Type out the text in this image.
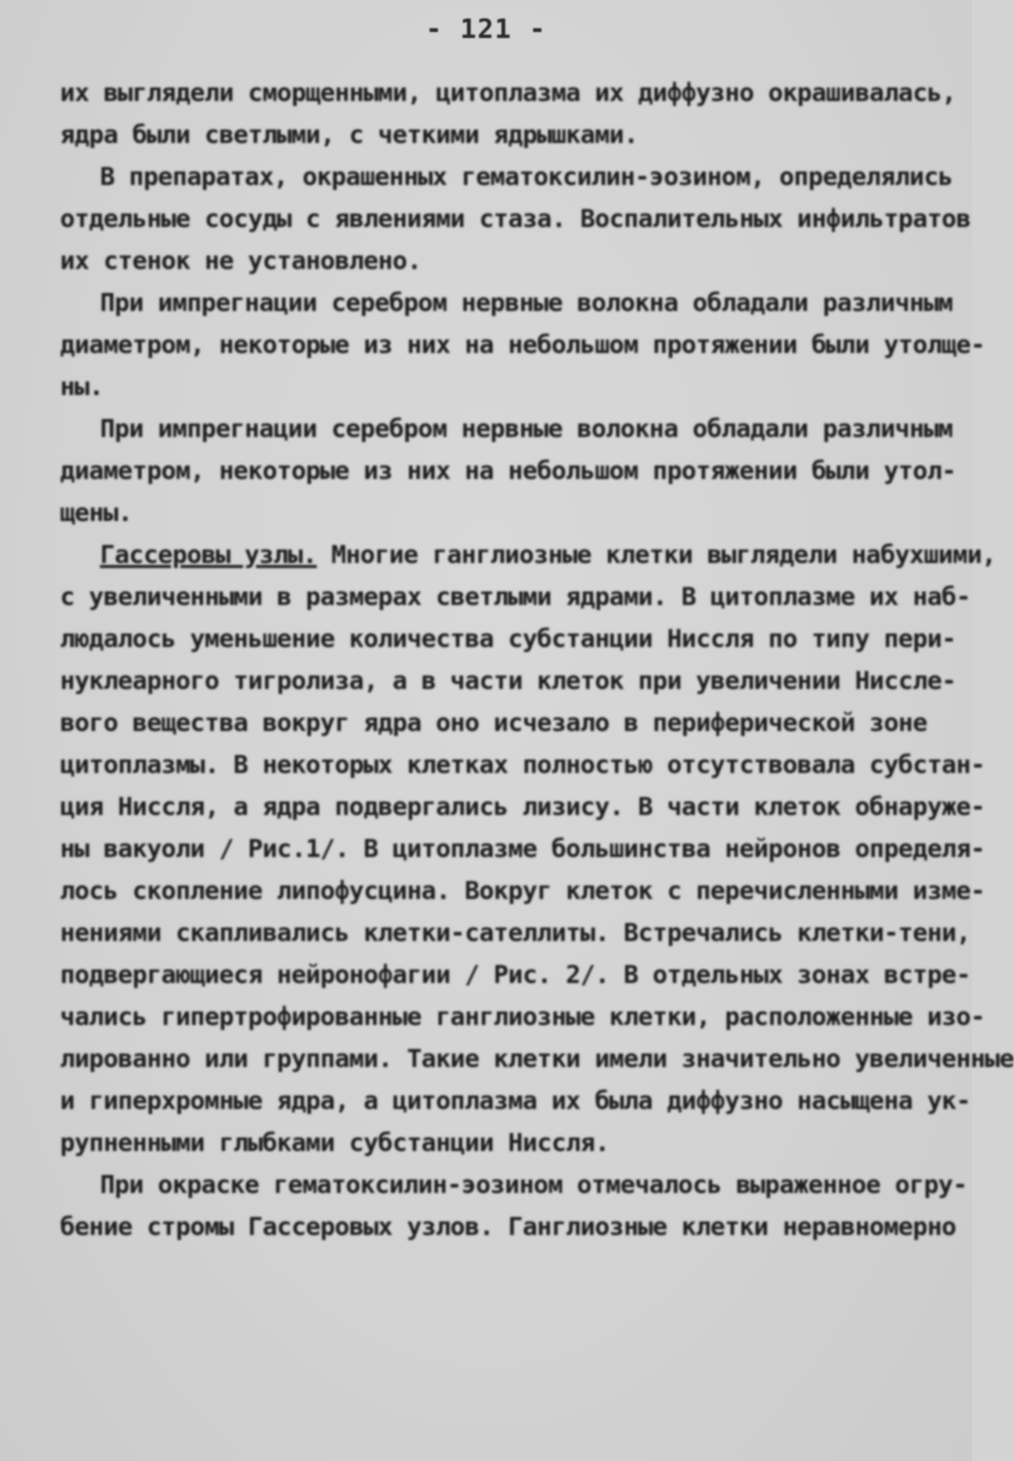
- 121 -
их выглядели сморщенными, цитоплазма их диффузно окрашивалась,
ядра были светлыми, с четкими ядрышками.
В препаратах, окрашенных гематоксилин-эозином, определялись
отдельные сосуды с явлениями стаза. Воспалительных инфильтратов
их стенок не установлено.
При импрегнации серебром нервные волокна обладали различным
диаметром, некоторые из них на небольшом протяжении были утолще-
ны.
При импрегнации серебром нервные волокна обладали различным
диаметром, некоторые из них на небольшом протяжении были утол-
щены.
Гассеровы узлы. Многие ганглиозные клетки выглядели набухшими,
с увеличенными в размерах светлыми ядрами. В цитоплазме их наб-
людалось уменьшение количества субстанции Ниссля по типу пери-
нуклеарного тигролиза, а в части клеток при увеличении Ниссле-
вого вещества вокруг ядра оно исчезало в периферической зоне
цитоплазмы. В некоторых клетках полностью отсутствовала субстан-
ция Ниссля, а ядра подвергались лизису. В части клеток обнаруже-
ны вакуоли / Рис.1/. В цитоплазме большинства нейронов определя-
лось скопление липофусцина. Вокруг клеток с перечисленными изме-
нениями скапливались клетки-сателлиты. Встречались клетки-тени,
подвергающиеся нейронофагии / Рис. 2/. В отдельных зонах встре-
чались гипертрофированные ганглиозные клетки, расположенные изо-
лированно или группами. Такие клетки имели значительно увеличенные
и гиперхромные ядра, а цитоплазма их была диффузно насыщена ук-
рупненными глыбками субстанции Ниссля.
При окраске гематоксилин-эозином отмечалось выраженное огру-
бение стромы Гассеровых узлов. Ганглиозные клетки неравномерно
